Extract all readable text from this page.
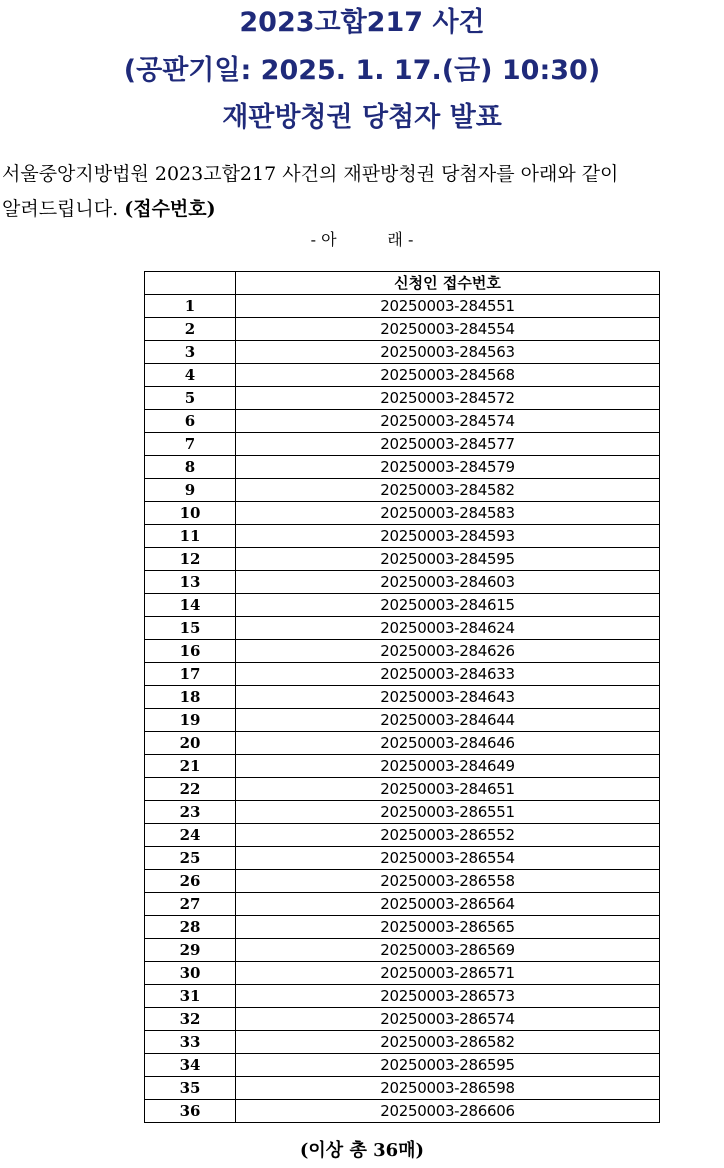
2023고합217 사건
(공판기일: 2025. 1. 17.(금) 10:30)
재판방청권 당첨자 발표
서울중앙지방법원 2023고합217 사건의 재판방청권 당첨자를 아래와 같이
알려드립니다. (접수번호)
- 아          래 -
	신청인 접수번호
1	20250003-284551
2	20250003-284554
3	20250003-284563
4	20250003-284568
5	20250003-284572
6	20250003-284574
7	20250003-284577
8	20250003-284579
9	20250003-284582
10	20250003-284583
11	20250003-284593
12	20250003-284595
13	20250003-284603
14	20250003-284615
15	20250003-284624
16	20250003-284626
17	20250003-284633
18	20250003-284643
19	20250003-284644
20	20250003-284646
21	20250003-284649
22	20250003-284651
23	20250003-286551
24	20250003-286552
25	20250003-286554
26	20250003-286558
27	20250003-286564
28	20250003-286565
29	20250003-286569
30	20250003-286571
31	20250003-286573
32	20250003-286574
33	20250003-286582
34	20250003-286595
35	20250003-286598
36	20250003-286606
(이상 총 36매)
